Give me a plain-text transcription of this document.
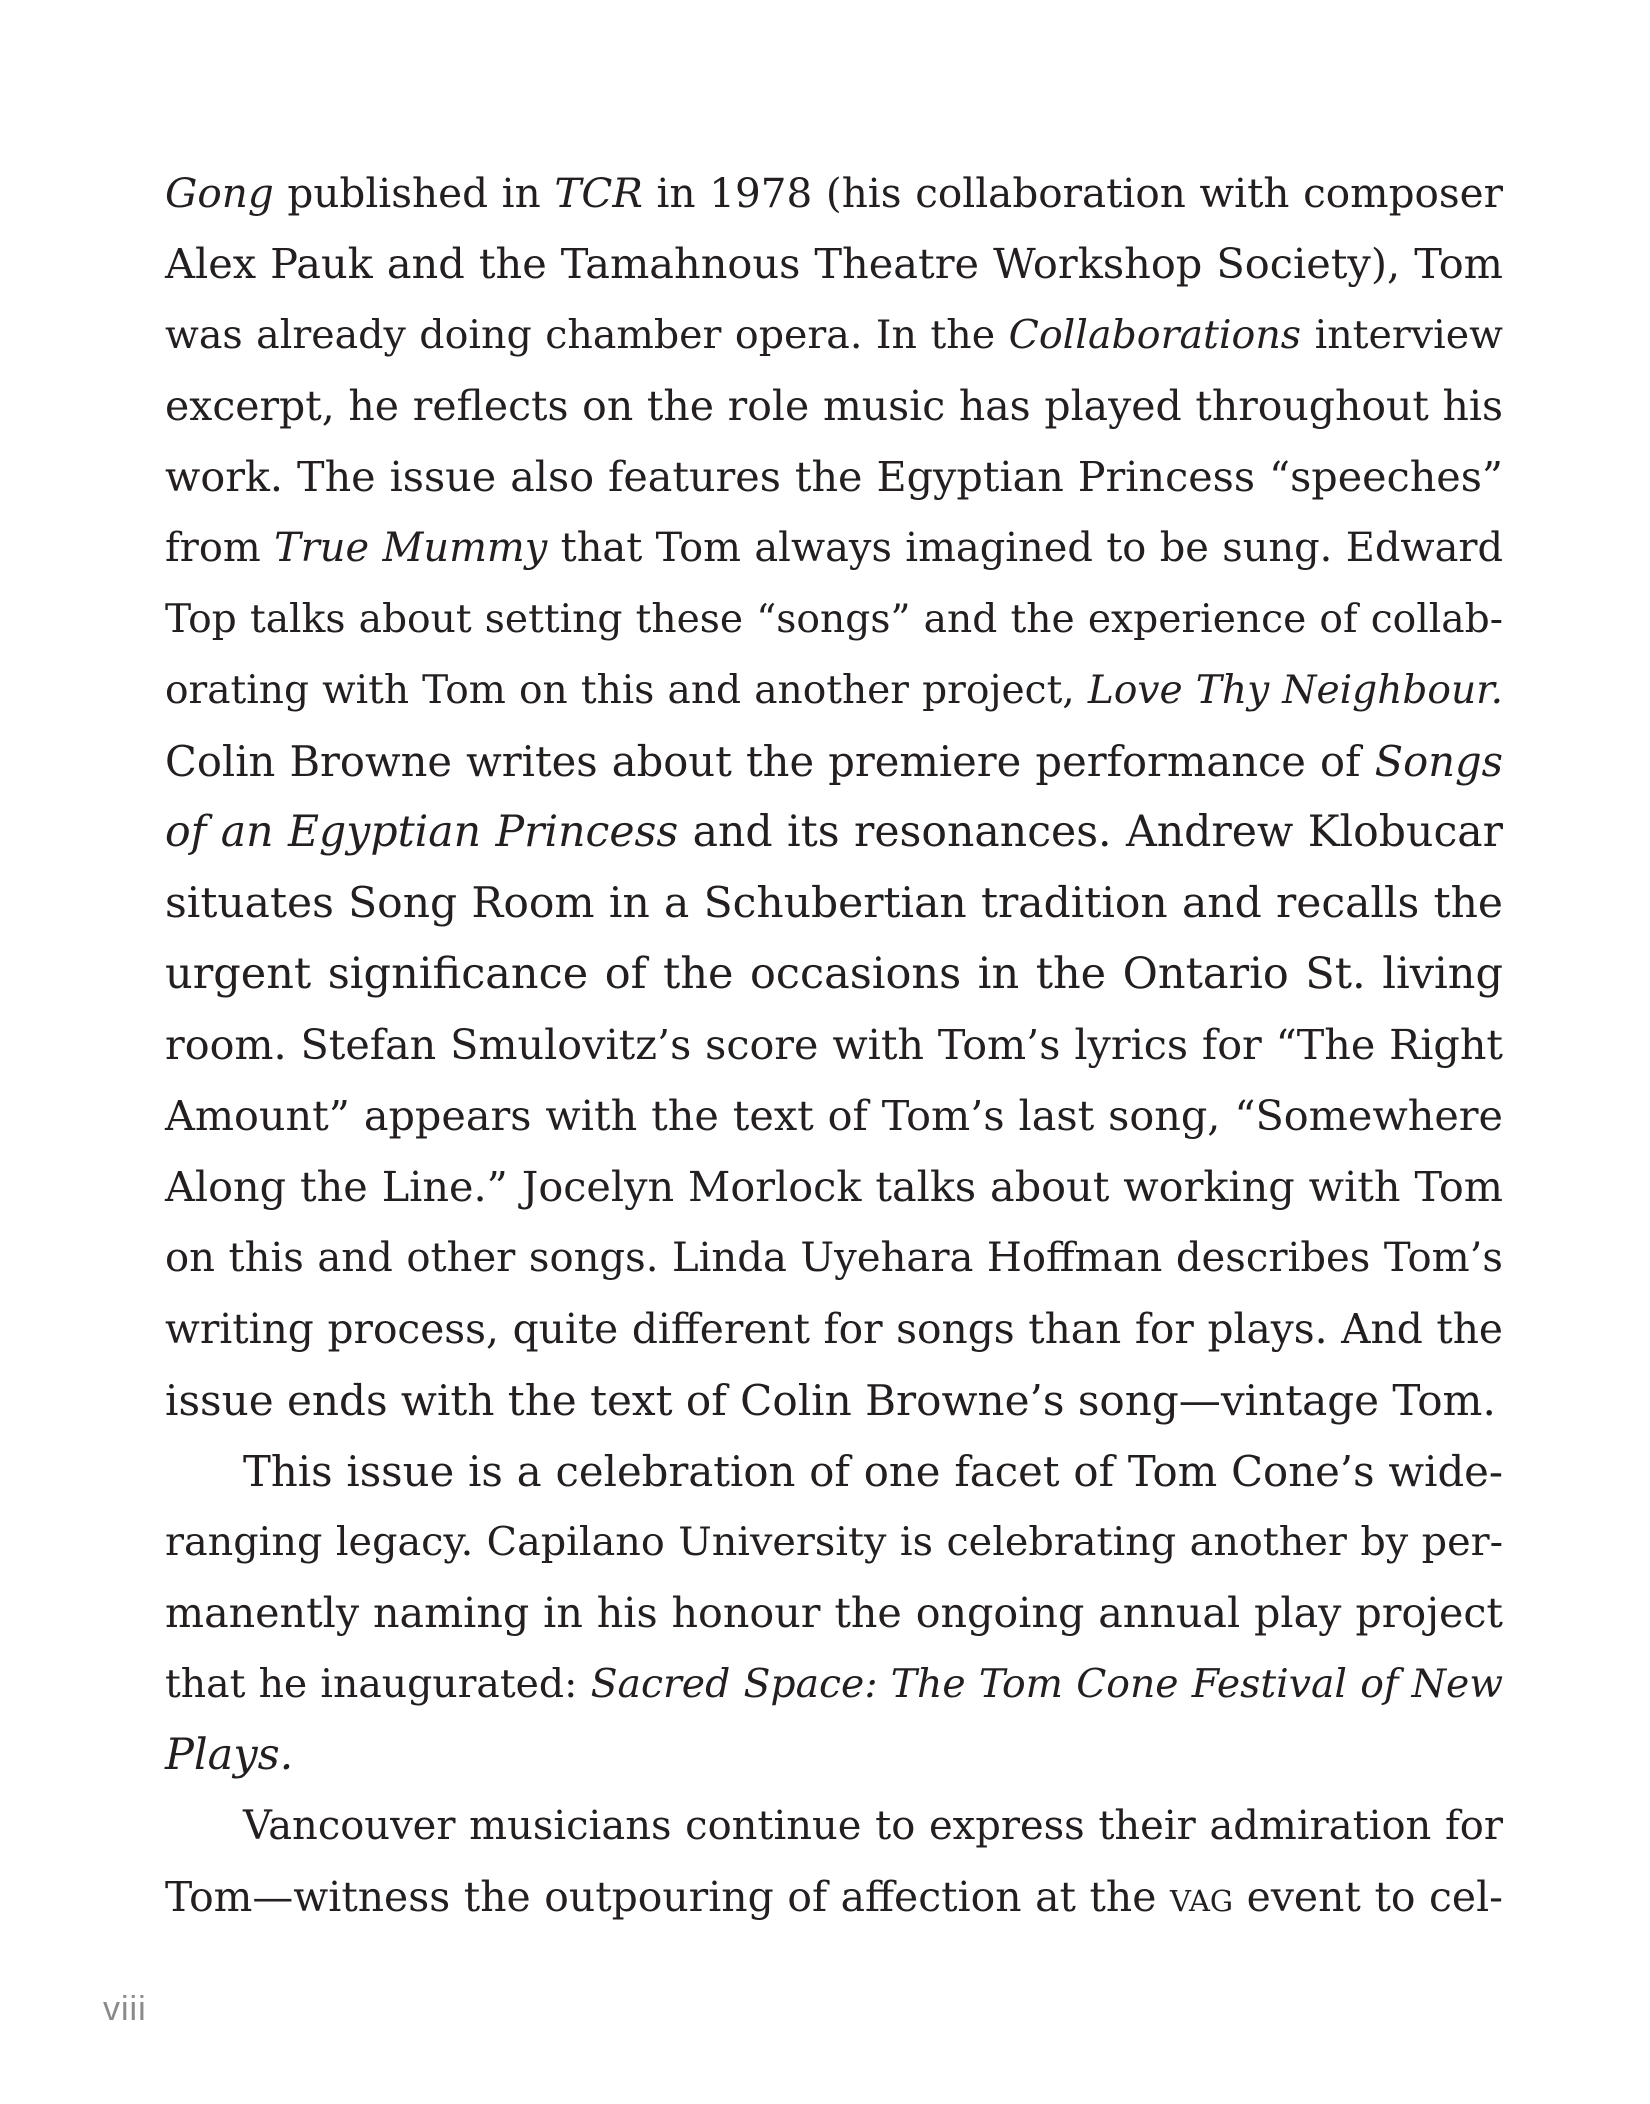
Gong published in TCR in 1978 (his collaboration with composer
Alex Pauk and the Tamahnous Theatre Workshop Society), Tom
was already doing chamber opera. In the Collaborations interview
excerpt, he reflects on the role music has played throughout his
work. The issue also features the Egyptian Princess “speeches”
from True Mummy that Tom always imagined to be sung. Edward
Top talks about setting these “songs” and the experience of collab-
orating with Tom on this and another project, Love Thy Neighbour.
Colin Browne writes about the premiere performance of Songs
of an Egyptian Princess and its resonances. Andrew Klobucar
situates Song Room in a Schubertian tradition and recalls the
urgent significance of the occasions in the Ontario St. living
room. Stefan Smulovitz’s score with Tom’s lyrics for “The Right
Amount” appears with the text of Tom’s last song, “Somewhere
Along the Line.” Jocelyn Morlock talks about working with Tom
on this and other songs. Linda Uyehara Hoffman describes Tom’s
writing process, quite different for songs than for plays. And the
issue ends with the text of Colin Browne’s song—vintage Tom.
This issue is a celebration of one facet of Tom Cone’s wide-
ranging legacy. Capilano University is celebrating another by per-
manently naming in his honour the ongoing annual play project
that he inaugurated: Sacred Space: The Tom Cone Festival of New
Plays.
Vancouver musicians continue to express their admiration for
Tom—witness the outpouring of affection at the vag event to cel-
viii
